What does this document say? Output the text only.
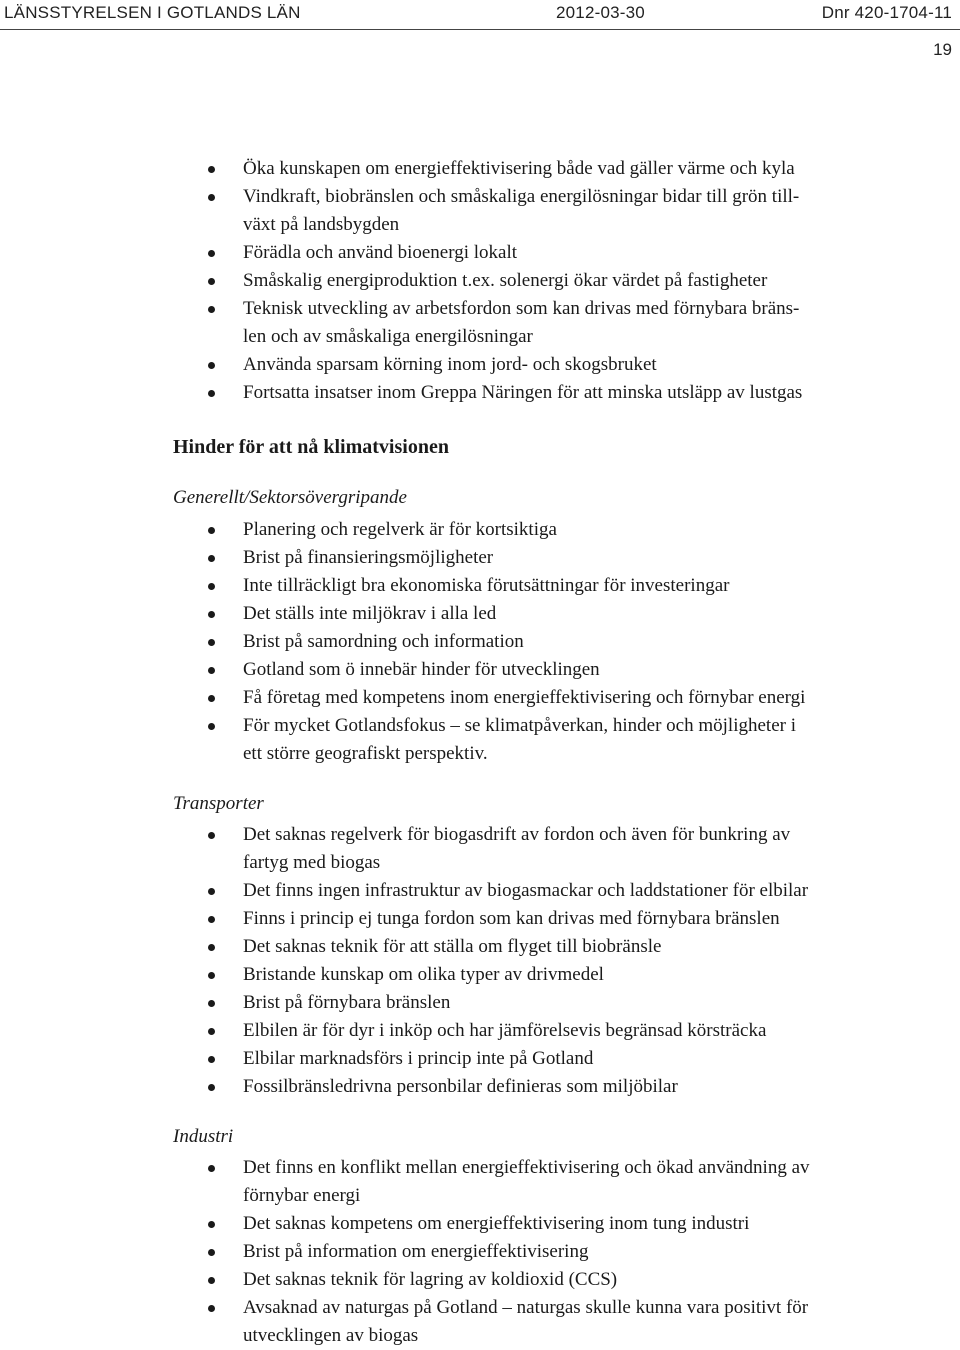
LÄNSSTYRELSEN I GOTLANDS LÄN	2012-03-30	Dnr 420-1704-11
19
Öka kunskapen om energieffektivisering både vad gäller värme och kyla
Vindkraft, biobränslen och småskaliga energilösningar bidar till grön till-
växt på landsbygden
Förädla och använd bioenergi lokalt
Småskalig energiproduktion t.ex. solenergi ökar värdet på fastigheter
Teknisk utveckling av arbetsfordon som kan drivas med förnybara bräns-
len och av småskaliga energilösningar
Använda sparsam körning inom jord- och skogsbruket
Fortsatta insatser inom Greppa Näringen för att minska utsläpp av lustgas
Hinder för att nå klimatvisionen
Generellt/Sektorsövergripande
Planering och regelverk är för kortsiktiga
Brist på finansieringsmöjligheter
Inte tillräckligt bra ekonomiska förutsättningar för investeringar
Det ställs inte miljökrav i alla led
Brist på samordning och information
Gotland som ö innebär hinder för utvecklingen
Få företag med kompetens inom energieffektivisering och förnybar energi
För mycket Gotlandsfokus – se klimatpåverkan, hinder och möjligheter i
ett större geografiskt perspektiv.
Transporter
Det saknas regelverk för biogasdrift av fordon och även för bunkring av
fartyg med biogas
Det finns ingen infrastruktur av biogasmackar och laddstationer för elbilar
Finns i princip ej tunga fordon som kan drivas med förnybara bränslen
Det saknas teknik för att ställa om flyget till biobränsle
Bristande kunskap om olika typer av drivmedel
Brist på förnybara bränslen
Elbilen är för dyr i inköp och har jämförelsevis begränsad körsträcka
Elbilar marknadsförs i princip inte på Gotland
Fossilbränsledrivna personbilar definieras som miljöbilar
Industri
Det finns en konflikt mellan energieffektivisering och ökad användning av
förnybar energi
Det saknas kompetens om energieffektivisering inom tung industri
Brist på information om energieffektivisering
Det saknas teknik för lagring av koldioxid (CCS)
Avsaknad av naturgas på Gotland – naturgas skulle kunna vara positivt för
utvecklingen av biogas
